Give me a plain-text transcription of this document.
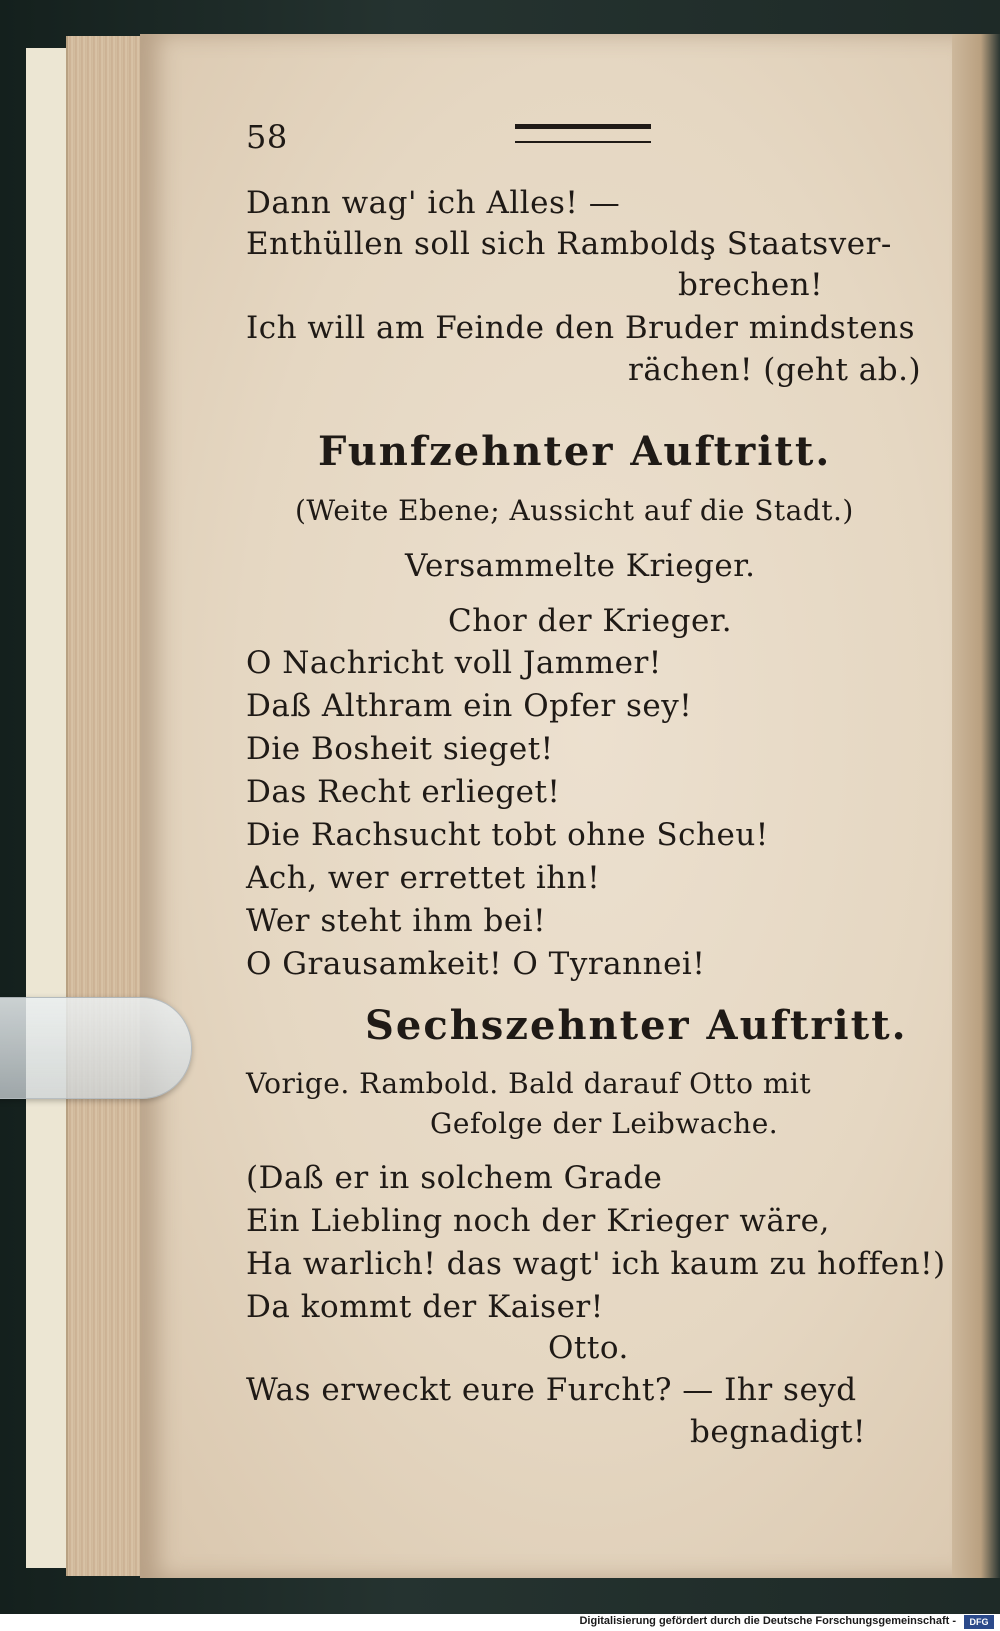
58
Dann wag' ich Alles! —
Enthüllen soll sich Ramboldş Staatsver-
brechen!
Ich will am Feinde den Bruder mindstens
rächen! (geht ab.)
Funfzehnter Auftritt.
(Weite Ebene; Aussicht auf die Stadt.)
Versammelte Krieger.
Chor der Krieger.
O Nachricht voll Jammer!
Daß Althram ein Opfer sey!
Die Bosheit sieget!
Das Recht erlieget!
Die Rachsucht tobt ohne Scheu!
Ach, wer errettet ihn!
Wer steht ihm bei!
O Grausamkeit! O Tyrannei!
Sechszehnter Auftritt.
Vorige. Rambold. Bald darauf Otto mit
Gefolge der Leibwache.
(Daß er in solchem Grade
Ein Liebling noch der Krieger wäre,
Ha warlich! das wagt' ich kaum zu hoffen!)
Da kommt der Kaiser!
Otto.
Was erweckt eure Furcht? — Ihr seyd
begnadigt!
Digitalisierung gefördert durch die Deutsche Forschungsgemeinschaft -	DFG
